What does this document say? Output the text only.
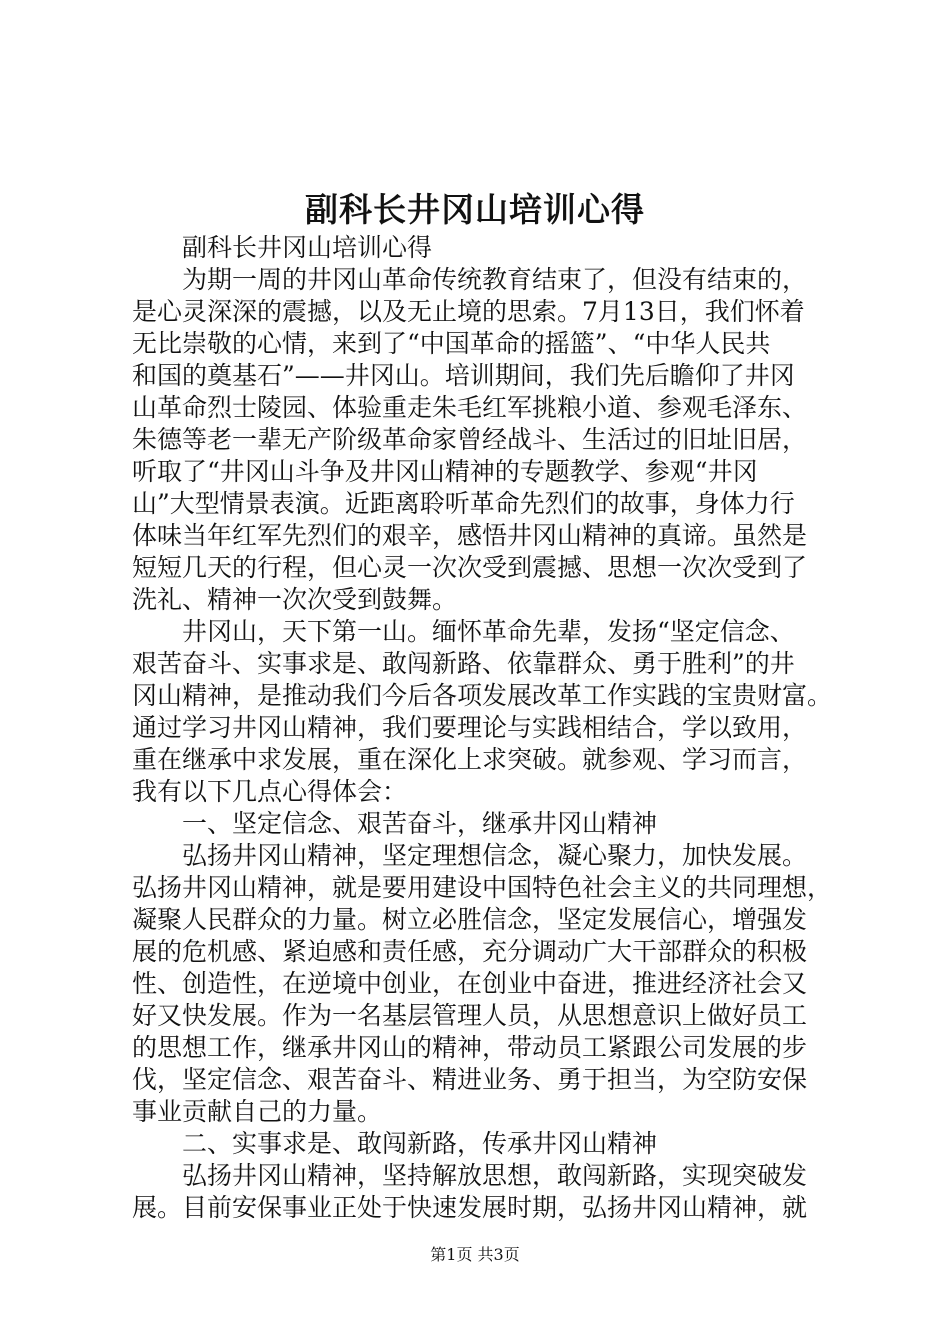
副科长井冈山培训心得
　　副科长井冈山培训心得
　　为期一周的井冈山革命传统教育结束了，但没有结束的，
是心灵深深的震撼，以及无止境的思索。7月13日，我们怀着
无比崇敬的心情，来到了“中国革命的摇篮”、“中华人民共
和国的奠基石”——井冈山。培训期间，我们先后瞻仰了井冈
山革命烈士陵园、体验重走朱毛红军挑粮小道、参观毛泽东、
朱德等老一辈无产阶级革命家曾经战斗、生活过的旧址旧居，
听取了“井冈山斗争及井冈山精神的专题教学、参观“井冈
山”大型情景表演。近距离聆听革命先烈们的故事，身体力行
体味当年红军先烈们的艰辛，感悟井冈山精神的真谛。虽然是
短短几天的行程，但心灵一次次受到震撼、思想一次次受到了
洗礼、精神一次次受到鼓舞。
　　井冈山，天下第一山。缅怀革命先辈，发扬“坚定信念、
艰苦奋斗、实事求是、敢闯新路、依靠群众、勇于胜利”的井
冈山精神，是推动我们今后各项发展改革工作实践的宝贵财富。
通过学习井冈山精神，我们要理论与实践相结合，学以致用，
重在继承中求发展，重在深化上求突破。就参观、学习而言，
我有以下几点心得体会：
　　一、坚定信念、艰苦奋斗，继承井冈山精神
　　弘扬井冈山精神，坚定理想信念，凝心聚力，加快发展。
弘扬井冈山精神，就是要用建设中国特色社会主义的共同理想，
凝聚人民群众的力量。树立必胜信念，坚定发展信心，增强发
展的危机感、紧迫感和责任感，充分调动广大干部群众的积极
性、创造性，在逆境中创业，在创业中奋进，推进经济社会又
好又快发展。作为一名基层管理人员，从思想意识上做好员工
的思想工作，继承井冈山的精神，带动员工紧跟公司发展的步
伐，坚定信念、艰苦奋斗、精进业务、勇于担当，为空防安保
事业贡献自己的力量。
　　二、实事求是、敢闯新路，传承井冈山精神
　　弘扬井冈山精神，坚持解放思想，敢闯新路，实现突破发
展。目前安保事业正处于快速发展时期，弘扬井冈山精神，就
第1页 共3页
